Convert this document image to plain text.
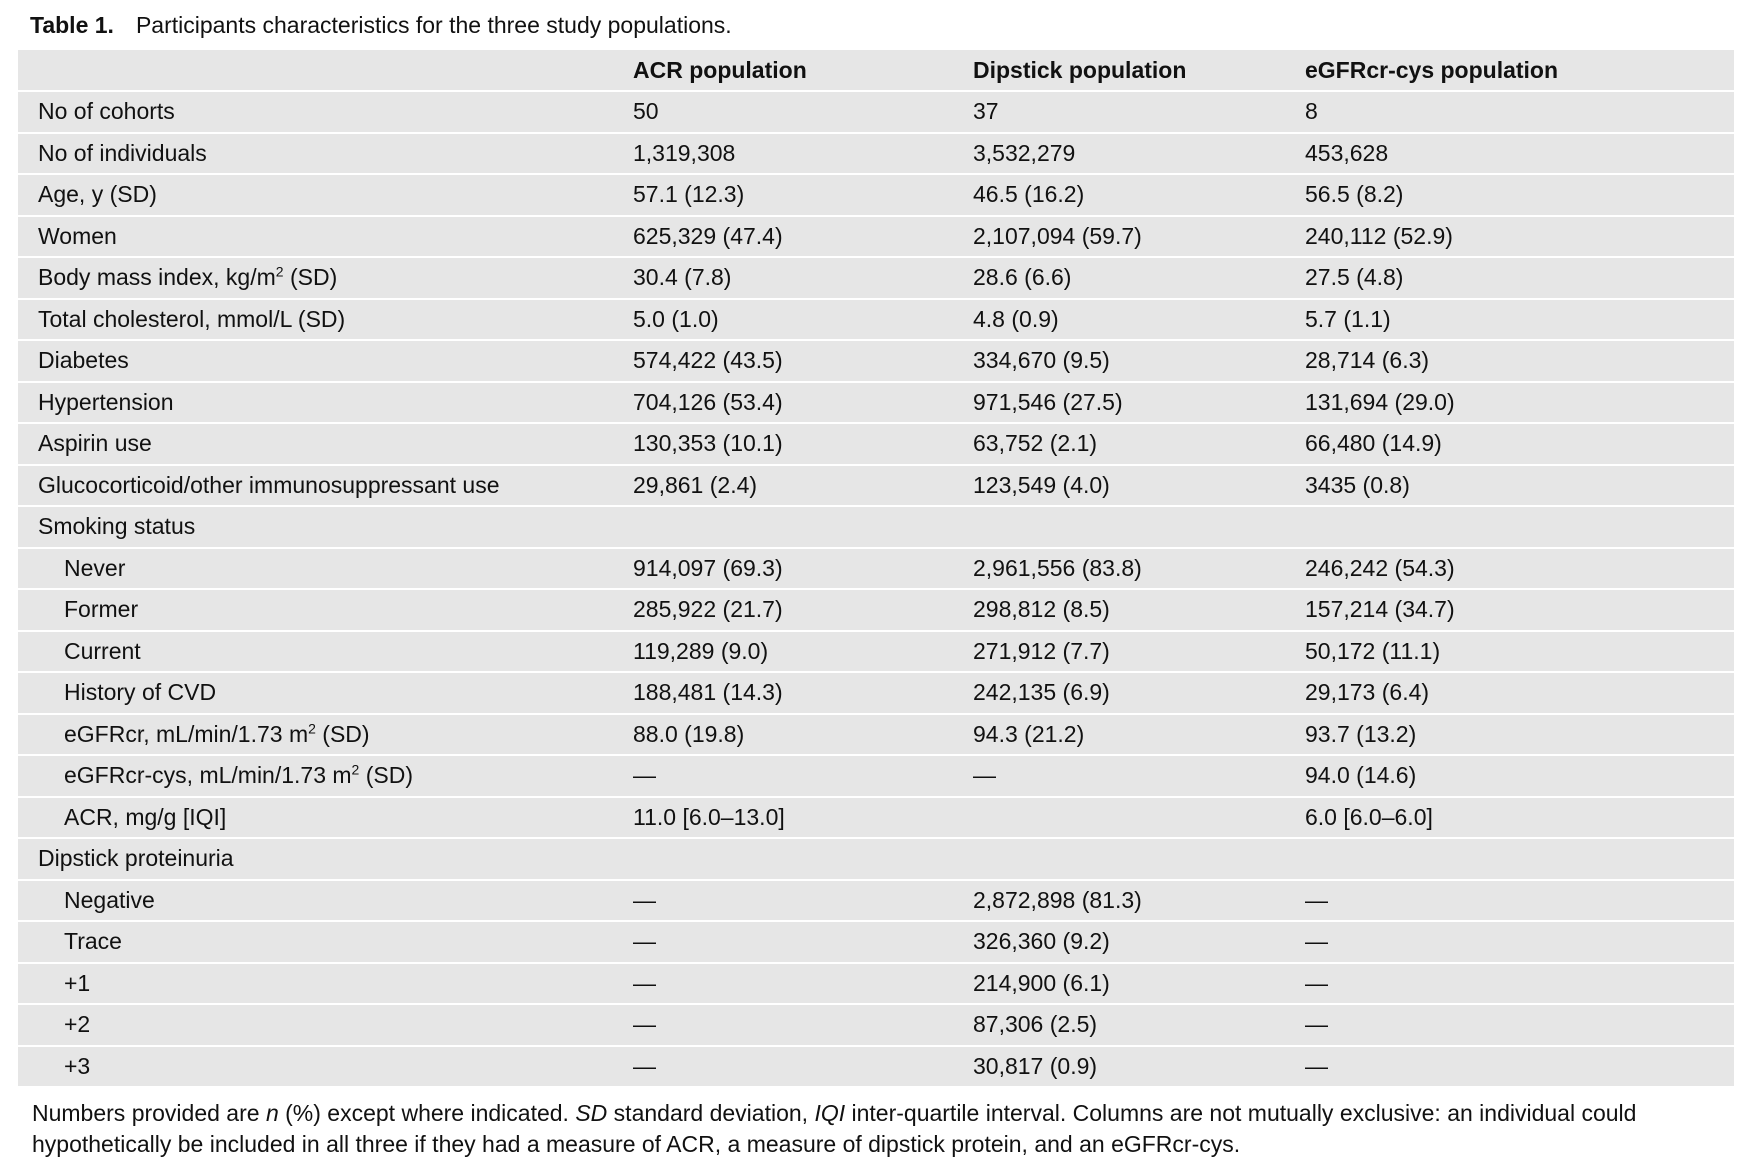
Table 1. Participants characteristics for the three study populations.
	ACR population	Dipstick population	eGFRcr-cys population
No of cohorts	50	37	8
No of individuals	1,319,308	3,532,279	453,628
Age, y (SD)	57.1 (12.3)	46.5 (16.2)	56.5 (8.2)
Women	625,329 (47.4)	2,107,094 (59.7)	240,112 (52.9)
Body mass index, $kg/m^2$ (SD)	30.4 (7.8)	28.6 (6.6)	27.5 (4.8)
Total cholesterol, mmol/L (SD)	5.0 (1.0)	4.8 (0.9)	5.7 (1.1)
Diabetes	574,422 (43.5)	334,670 (9.5)	28,714 (6.3)
Hypertension	704,126 (53.4)	971,546 (27.5)	131,694 (29.0)
Aspirin use	130,353 (10.1)	63,752 (2.1)	66,480 (14.9)
Glucocorticoid/other immunosuppressant use	29,861 (2.4)	123,549 (4.0)	3435 (0.8)
Smoking status			
Never	914,097 (69.3)	2,961,556 (83.8)	246,242 (54.3)
Former	285,922 (21.7)	298,812 (8.5)	157,214 (34.7)
Current	119,289 (9.0)	271,912 (7.7)	50,172 (11.1)
History of CVD	188,481 (14.3)	242,135 (6.9)	29,173 (6.4)
eGFRcr, mL/min/1.73 $m^2$ (SD)	88.0 (19.8)	94.3 (21.2)	93.7 (13.2)
eGFRcr-cys, mL/min/1.73 $m^2$ (SD)	—	—	94.0 (14.6)
ACR, mg/g [IQI]	11.0 [6.0–13.0]		6.0 [6.0–6.0]
Dipstick proteinuria			
Negative	—	2,872,898 (81.3)	—
Trace	—	326,360 (9.2)	—
+1	—	214,900 (6.1)	—
+2	—	87,306 (2.5)	—
+3	—	30,817 (0.9)	—
Numbers provided are n (%) except where indicated. SD standard deviation, IQI inter-quartile interval. Columns are not mutually exclusive: an individual could hypothetically be included in all three if they had a measure of ACR, a measure of dipstick protein, and an eGFRcr-cys.
